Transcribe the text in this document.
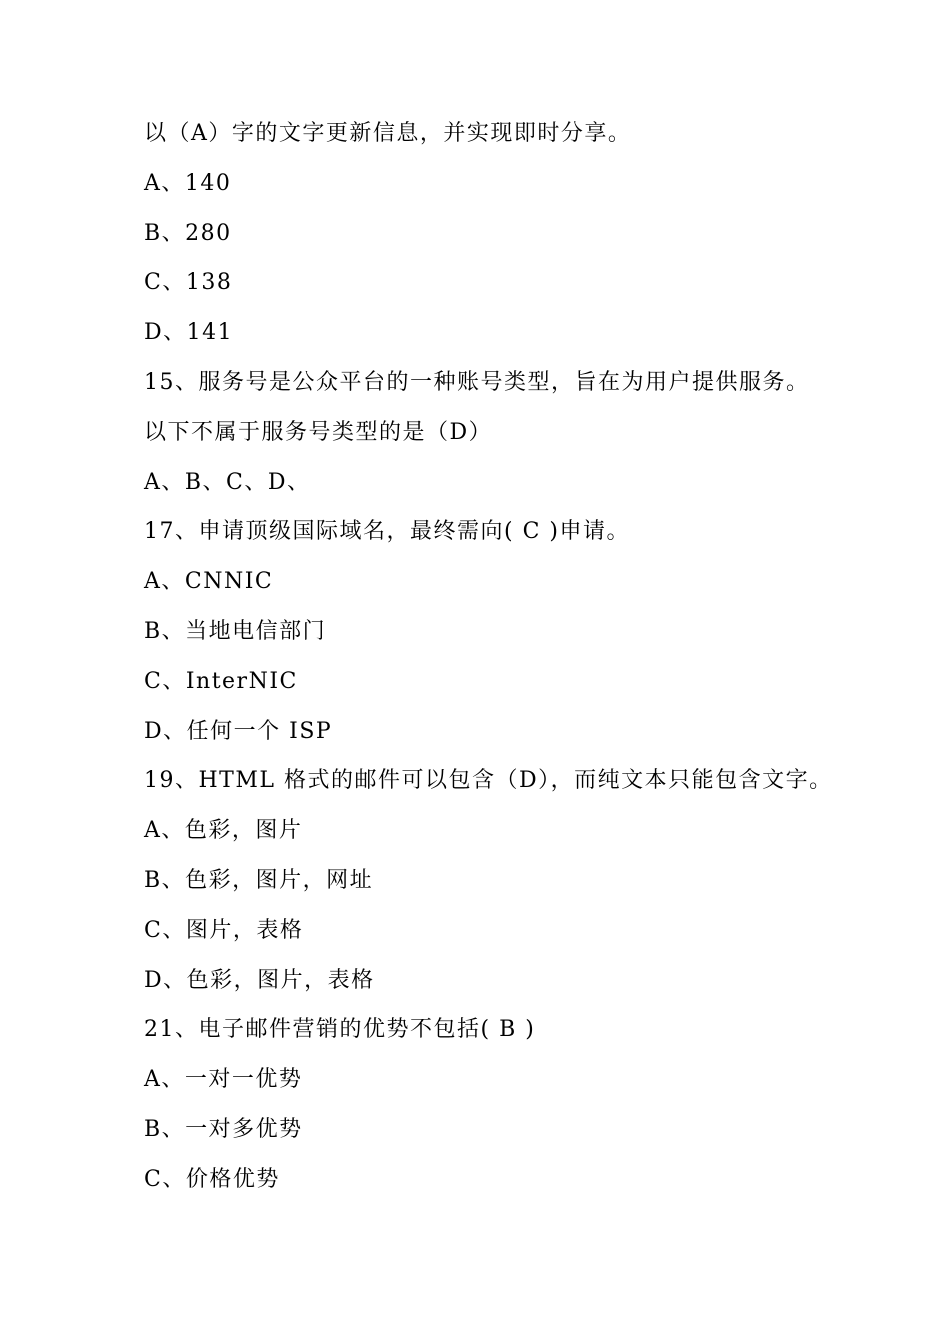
以（A）字的文字更新信息，并实现即时分享。
A、140
B、280
C、138
D、141
15、服务号是公众平台的一种账号类型，旨在为用户提供服务。
以下不属于服务号类型的是（D）
A、B、C、D、
17、申请顶级国际域名，最终需向( C )申请。
A、CNNIC
B、当地电信部门
C、InterNIC
D、任何一个 ISP
19、HTML 格式的邮件可以包含（D），而纯文本只能包含文字。
A、色彩，图片
B、色彩，图片，网址
C、图片，表格
D、色彩，图片，表格
21、电子邮件营销的优势不包括( B )
A、一对一优势
B、一对多优势
C、价格优势
